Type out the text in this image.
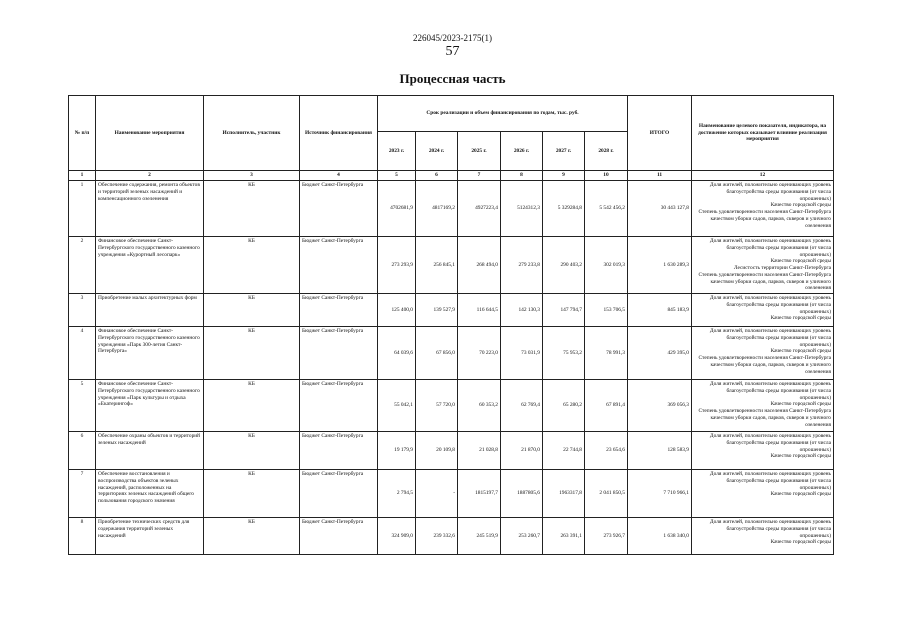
226045/2023-2175(1)
57
Процессная часть
№ п/п	Наименование мероприятия	Исполнитель, участник	Источник финансирования	Срок реализации и объем финансирования по годам, тыс. руб.						ИТОГО	Наименование целевого показателя, индикатора, на достижение которых оказывает влияние реализация мероприятия
				2023 г.	2024 г.	2025 г.	2026 г.	2027 г.	2028 г.		
1	2	3	4	5	6	7	8	9	10	11	12
1	Обеспечение содержания, ремонта объектов и территорий зеленых насаждений и компенсационного озеленения	КБ	Бюджет Санкт-Петербурга	4702681,9	4817169,2	4927223,4	5124312,3	5 329284,8	5 542 456,2	30 443 127,8	Доля жителей, положительно оценивающих уровень благоустройства среды проживания (от числа опрошенных)
Качество городской среды
Степень удовлетворенности населения Санкт-Петербурга качеством уборки садов, парков, скверов и уличного озеленения
2	Финансовое обеспечение Санкт-Петербургского государственного казенного учреждения «Курортный лесопарк»	КБ	Бюджет Санкт-Петербурга	273 293,9	256 845,1	268 494,0	279 233,8	290 403,2	302 019,3	1 630 289,3	Доля жителей, положительно оценивающих уровень благоустройства среды проживания (от числа опрошенных)
Качество городской среды
Лесистость территории Санкт-Петербурга
Степень удовлетворенности населения Санкт-Петербурга качеством уборки садов, парков, скверов и уличного озеленения
3	Приобретение малых архитектурных форм	КБ	Бюджет Санкт-Петербурга	125 400,0	139 527,9	116 644,5	142 130,3	147 794,7	153 706,5	845 183,9	Доля жителей, положительно оценивающих уровень благоустройства среды проживания (от числа опрошенных)
Качество городской среды
4	Финансовое обеспечение Санкт-Петербургского государственного казенного учреждения «Парк 300-летия Санкт-Петербурга»	КБ	Бюджет Санкт-Петербурга	64 039,6	67 856,0	70 223,0	73 031,9	75 953,2	78 991,3	429 395,0	Доля жителей, положительно оценивающих уровень благоустройства среды проживания (от числа опрошенных)
Качество городской среды
Степень удовлетворенности населения Санкт-Петербурга качеством уборки садов, парков, скверов и уличного озеленения
5	Финансовое обеспечение Санкт-Петербургского государственного казенного учреждения «Парк культуры и отдыха «Екатерингоф»	КБ	Бюджет Санкт-Петербурга	55 042,1	57 720,0	60 353,2	62 769,4	65 280,2	67 891,4	369 056,3	Доля жителей, положительно оценивающих уровень благоустройства среды проживания (от числа опрошенных)
Качество городской среды
Степень удовлетворенности населения Санкт-Петербурга качеством уборки садов, парков, скверов и уличного озеленения
6	Обеспечение охраны объектов и территорий зеленых насаждений	КБ	Бюджет Санкт-Петербурга	19 179,9	20 109,8	21 028,8	21 870,0	22 744,8	23 654,6	128 583,9	Доля жителей, положительно оценивающих уровень благоустройства среды проживания (от числа опрошенных)
Качество городской среды
7	Обеспечение восстановления и воспроизводства объектов зеленых насаждений, расположенных на территориях зеленых насаждений общего пользования городского значения	КБ	Бюджет Санкт-Петербурга	2 794,5	-	1815197,7	1887805,6	1963317,8	2 041 850,5	7 710 966,1	Доля жителей, положительно оценивающих уровень благоустройства среды проживания (от числа опрошенных)
Качество городской среды
8	Приобретение технических средств для содержания территорий зеленых насаждений	КБ	Бюджет Санкт-Петербурга	324 909,0	239 332,6	245 519,9	253 260,7	263 391,1	273 926,7	1 638 340,0	Доля жителей, положительно оценивающих уровень благоустройства среды проживания (от числа опрошенных)
Качество городской среды
